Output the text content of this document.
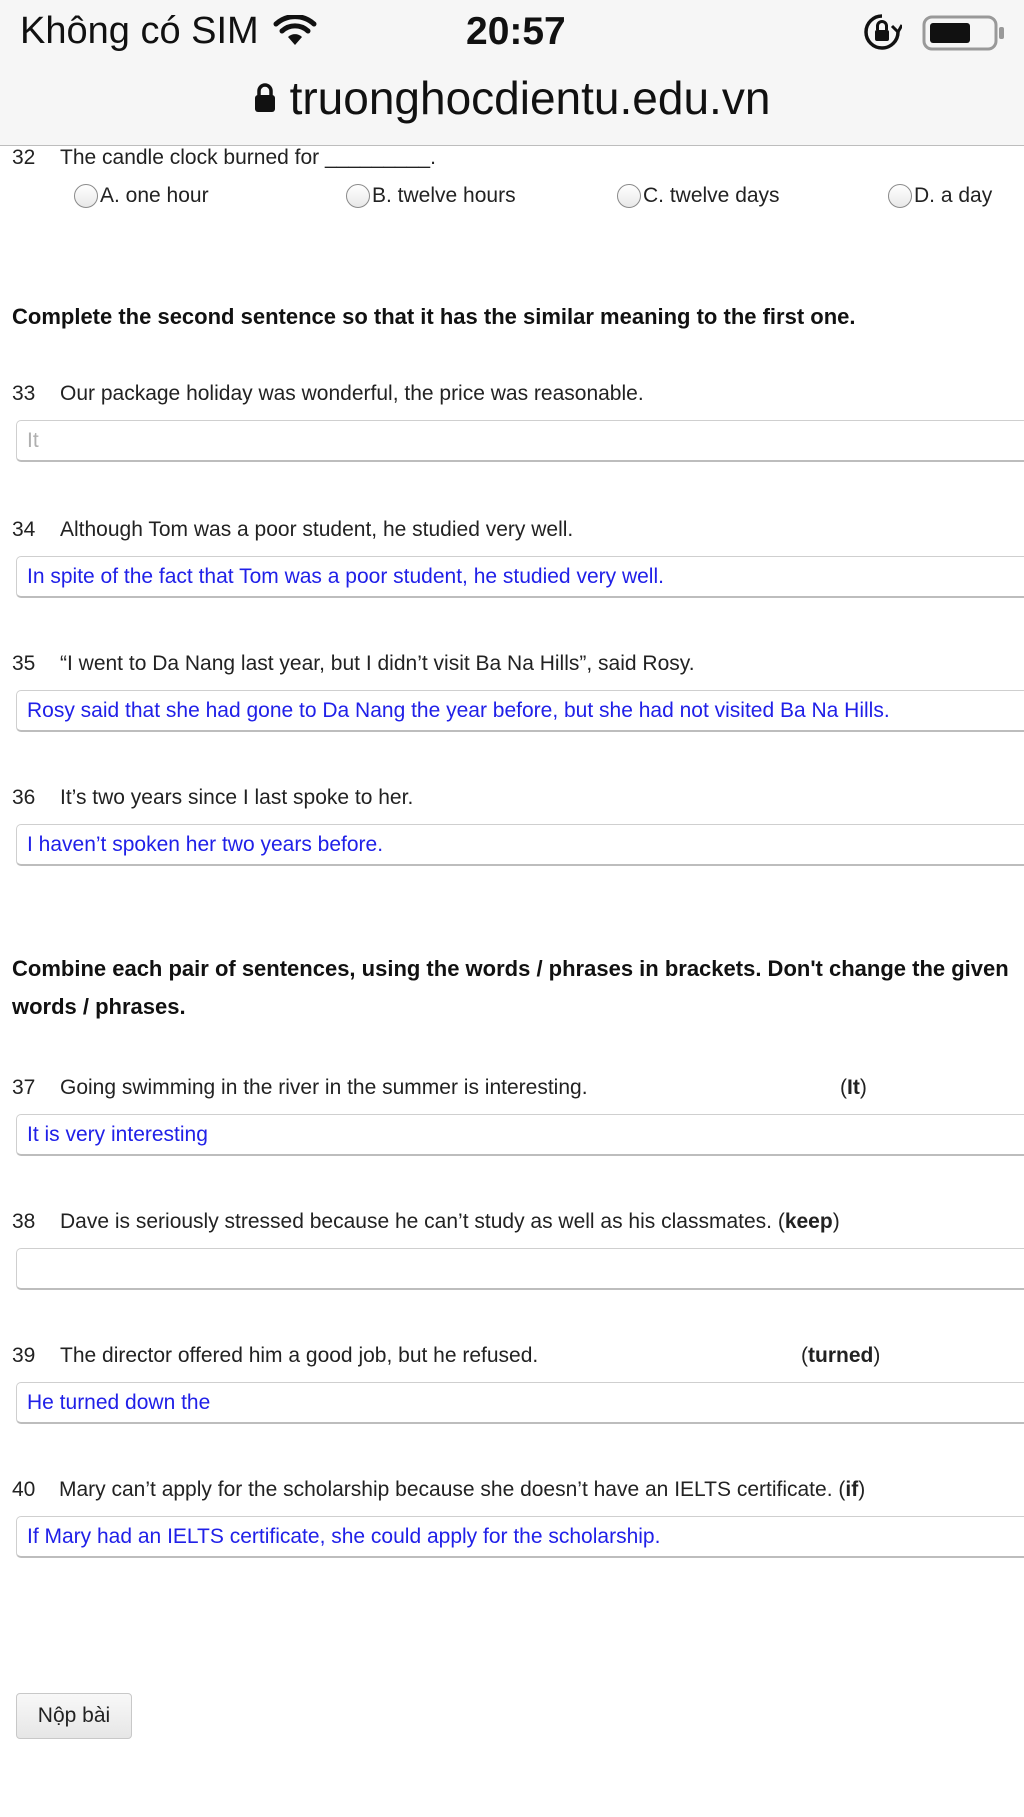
Không có SIM	20:57
truonghocdientu.edu.vn
32 The candle clock burned for _________.
A. one hour	B. twelve hours	C. twelve days	D. a day
Complete the second sentence so that it has the similar meaning to the first one.
33 Our package holiday was wonderful, the price was reasonable.
It
34 Although Tom was a poor student, he studied very well.
In spite of the fact that Tom was a poor student, he studied very well.
35 “I went to Da Nang last year, but I didn’t visit Ba Na Hills”, said Rosy.
Rosy said that she had gone to Da Nang the year before, but she had not visited Ba Na Hills.
36 It’s two years since I last spoke to her.
I haven’t spoken her two years before.
Combine each pair of sentences, using the words / phrases in brackets. Don't change the given words / phrases.
37 Going swimming in the river in the summer is interesting.	(It)
It is very interesting
38 Dave is seriously stressed because he can’t study as well as his classmates. (keep)
39 The director offered him a good job, but he refused.	(turned)
He turned down the
40 Mary can’t apply for the scholarship because she doesn’t have an IELTS certificate. (if)
If Mary had an IELTS certificate, she could apply for the scholarship.
Nộp bài
